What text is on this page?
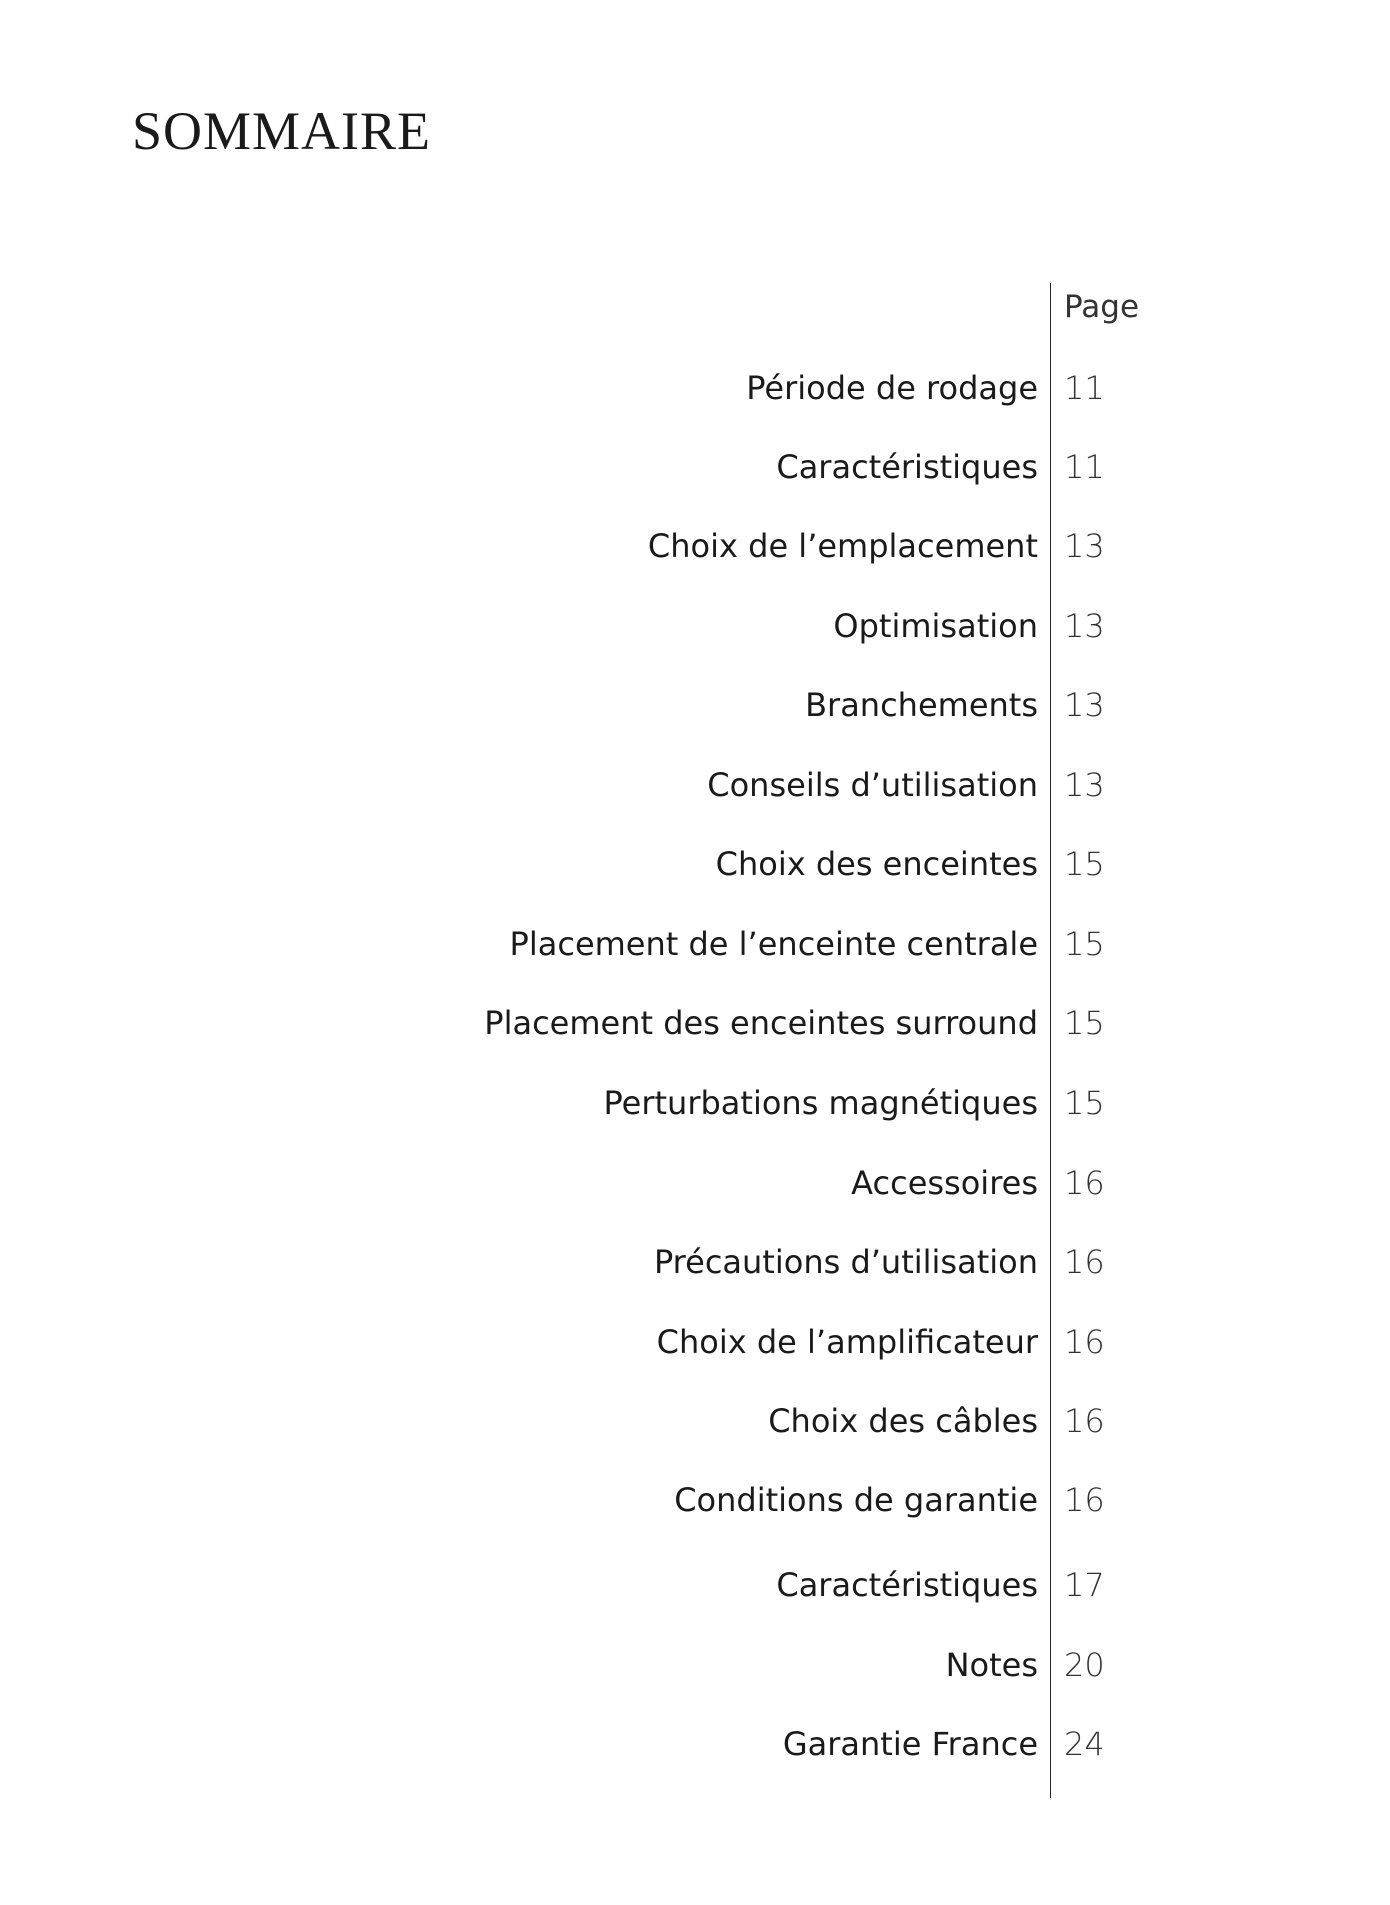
SOMMAIRE
Page
Période de rodage 11
Caractéristiques 11
Choix de l’emplacement 13
Optimisation 13
Branchements 13
Conseils d’utilisation 13
Choix des enceintes 15
Placement de l’enceinte centrale 15
Placement des enceintes surround 15
Perturbations magnétiques 15
Accessoires 16
Précautions d’utilisation 16
Choix de l’amplificateur 16
Choix des câbles 16
Conditions de garantie 16
Caractéristiques 17
Notes 20
Garantie France 24
